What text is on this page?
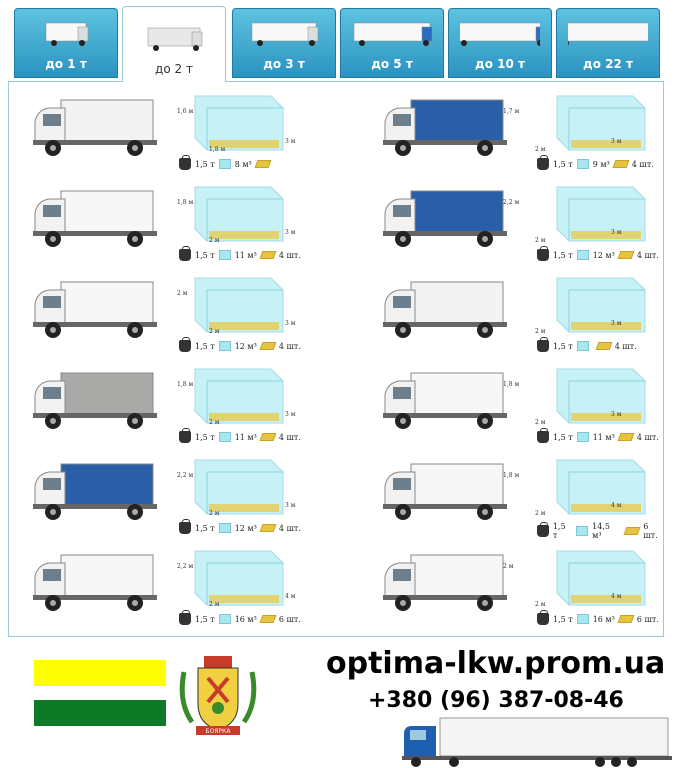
до 1 т	до 2 т	до 3 т	до 5 т	до 10 т	до 22 т
1,6 м
1,8 м
3 м
1,5 т	8 м³
1,8 м
2 м
3 м
1,5 т	11 м³	4 шт.
2 м
2 м
3 м
1,5 т	12 м³	4 шт.
1,8 м
2 м
3 м
1,5 т	11 м³	4 шт.
2,2 м
2 м
3 м
1,5 т	12 м³	4 шт.
2,2 м
2 м
4 м
1,5 т	16 м³	6 шт.
1,7 м
2 м
3 м
1,5 т	9 м³	4 шт.
2,2 м
2 м
3 м
1,5 т	12 м³	4 шт.
2 м
3 м
1,5 т	4 шт.
1,8 м
2 м
3 м
1,5 т	11 м³	4 шт.
1,8 м
2 м
4 м
1,5 т
14,5 м³
6 шт.
2 м
2 м
4 м
1,5 т	16 м³	6 шт.
БОЯРКА
optima-lkw.prom.ua
+380 (96) 387-08-46
